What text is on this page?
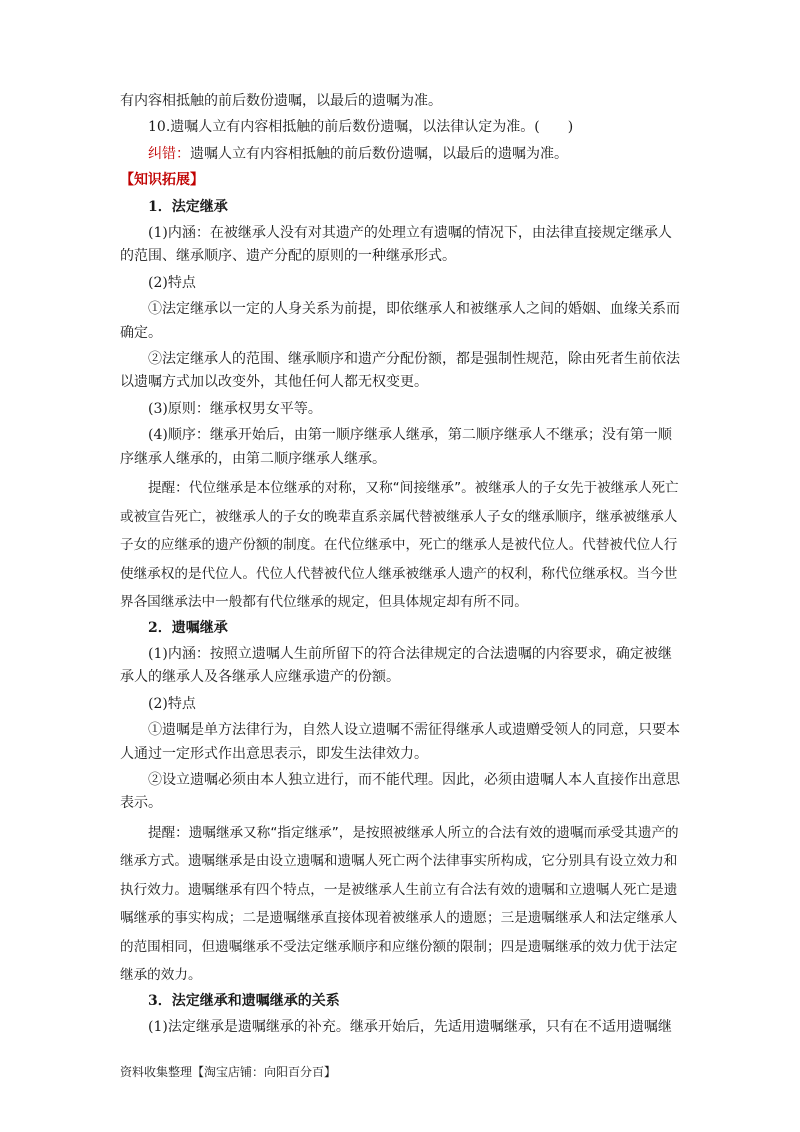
有内容相抵触的前后数份遗嘱，以最后的遗嘱为准。

10.遗嘱人立有内容相抵触的前后数份遗嘱，以法律认定为准。(　　)

纠错：遗嘱人立有内容相抵触的前后数份遗嘱，以最后的遗嘱为准。

【知识拓展】

1．法定继承

(1)内涵：在被继承人没有对其遗产的处理立有遗嘱的情况下，由法律直接规定继承人的范围、继承顺序、遗产分配的原则的一种继承形式。

(2)特点

①法定继承以一定的人身关系为前提，即依继承人和被继承人之间的婚姻、血缘关系而确定。

②法定继承人的范围、继承顺序和遗产分配份额，都是强制性规范，除由死者生前依法以遗嘱方式加以改变外，其他任何人都无权变更。

(3)原则：继承权男女平等。

(4)顺序：继承开始后，由第一顺序继承人继承，第二顺序继承人不继承；没有第一顺序继承人继承的，由第二顺序继承人继承。

提醒：代位继承是本位继承的对称，又称“间接继承”。被继承人的子女先于被继承人死亡或被宣告死亡，被继承人的子女的晚辈直系亲属代替被继承人子女的继承顺序，继承被继承人子女的应继承的遗产份额的制度。在代位继承中，死亡的继承人是被代位人。代替被代位人行使继承权的是代位人。代位人代替被代位人继承被继承人遗产的权利，称代位继承权。当今世界各国继承法中一般都有代位继承的规定，但具体规定却有所不同。

2．遗嘱继承

(1)内涵：按照立遗嘱人生前所留下的符合法律规定的合法遗嘱的内容要求，确定被继承人的继承人及各继承人应继承遗产的份额。

(2)特点

①遗嘱是单方法律行为，自然人设立遗嘱不需征得继承人或遗赠受领人的同意，只要本人通过一定形式作出意思表示，即发生法律效力。

②设立遗嘱必须由本人独立进行，而不能代理。因此，必须由遗嘱人本人直接作出意思表示。

提醒：遗嘱继承又称“指定继承”，是按照被继承人所立的合法有效的遗嘱而承受其遗产的继承方式。遗嘱继承是由设立遗嘱和遗嘱人死亡两个法律事实所构成，它分别具有设立效力和执行效力。遗嘱继承有四个特点，一是被继承人生前立有合法有效的遗嘱和立遗嘱人死亡是遗嘱继承的事实构成；二是遗嘱继承直接体现着被继承人的遗愿；三是遗嘱继承人和法定继承人的范围相同，但遗嘱继承不受法定继承顺序和应继份额的限制；四是遗嘱继承的效力优于法定继承的效力。

3．法定继承和遗嘱继承的关系

(1)法定继承是遗嘱继承的补充。继承开始后，先适用遗嘱继承，只有在不适用遗嘱继

资料收集整理【淘宝店铺：向阳百分百】
